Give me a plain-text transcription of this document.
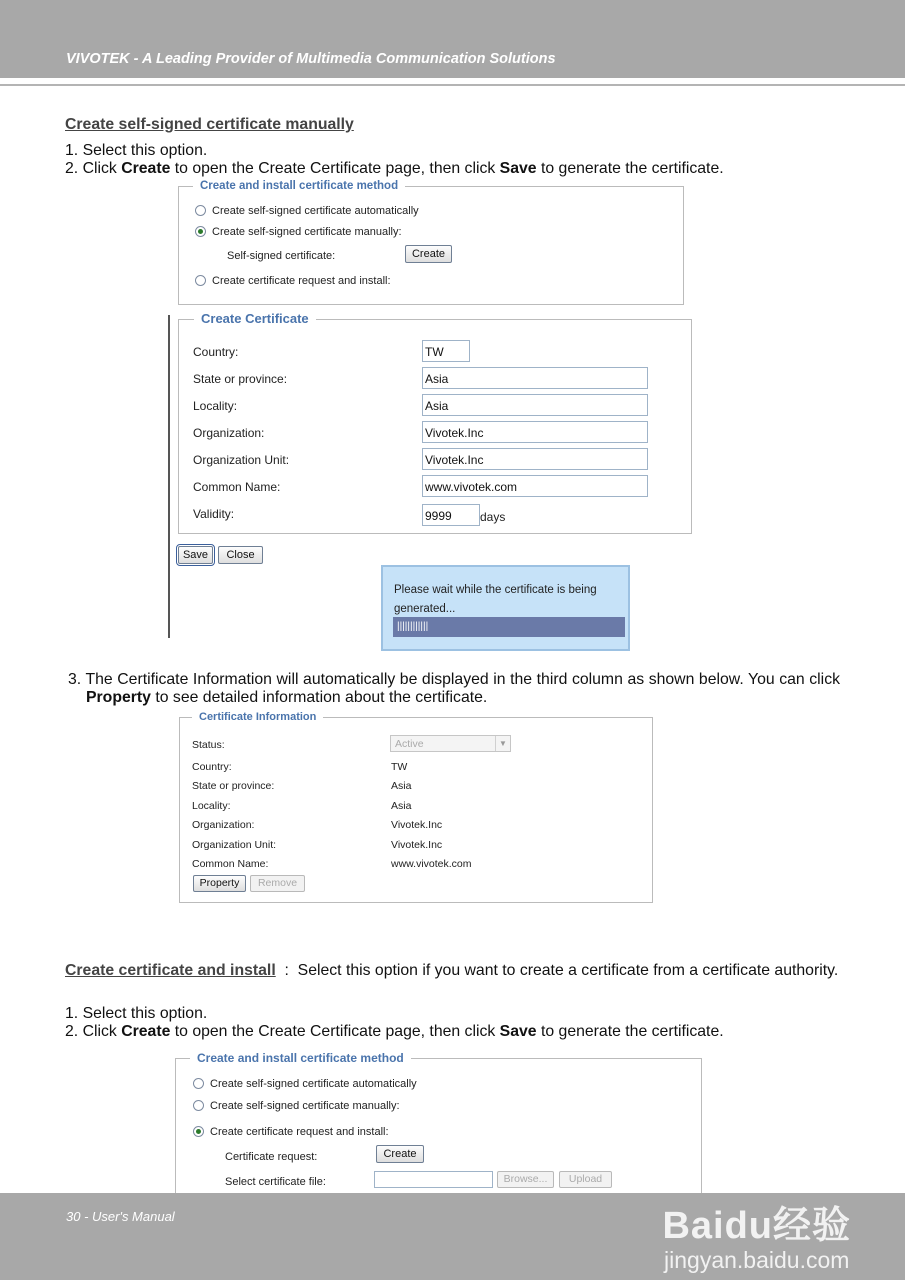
VIVOTEK - A Leading Provider of Multimedia Communication Solutions
Create self-signed certificate manually
1. Select this option.
2. Click Create to open the Create Certificate page, then click Save to generate the certificate.
Create and install certificate method
Create self-signed certificate automatically
Create self-signed certificate manually:
Self-signed certificate:	Create
Create certificate request and install:
Create Certificate
Country:	TW
State or province:	Asia
Locality:	Asia
Organization:	Vivotek.Inc
Organization Unit:	Vivotek.Inc
Common Name:	www.vivotek.com
Validity:	9999	days
Save	Close
Please wait while the certificate is being generated...
||||||||||||
3. The Certificate Information will automatically be displayed in the third column as shown below. You can click Property to see detailed information about the certificate.
Certificate Information
Status:	Active	▼
Country:	TW
State or province:	Asia
Locality:	Asia
Organization:	Vivotek.Inc
Organization Unit:	Vivotek.Inc
Common Name:	www.vivotek.com
Property	Remove
Create certificate and install  :  Select this option if you want to create a certificate from a certificate authority.
1. Select this option.
2. Click Create to open the Create Certificate page, then click Save to generate the certificate.
Create and install certificate method
Create self-signed certificate automatically
Create self-signed certificate manually:
Create certificate request and install:
Certificate request:	Create
Select certificate file:	Browse...	Upload
30 - User's Manual	Baidu经验
jingyan.baidu.com
